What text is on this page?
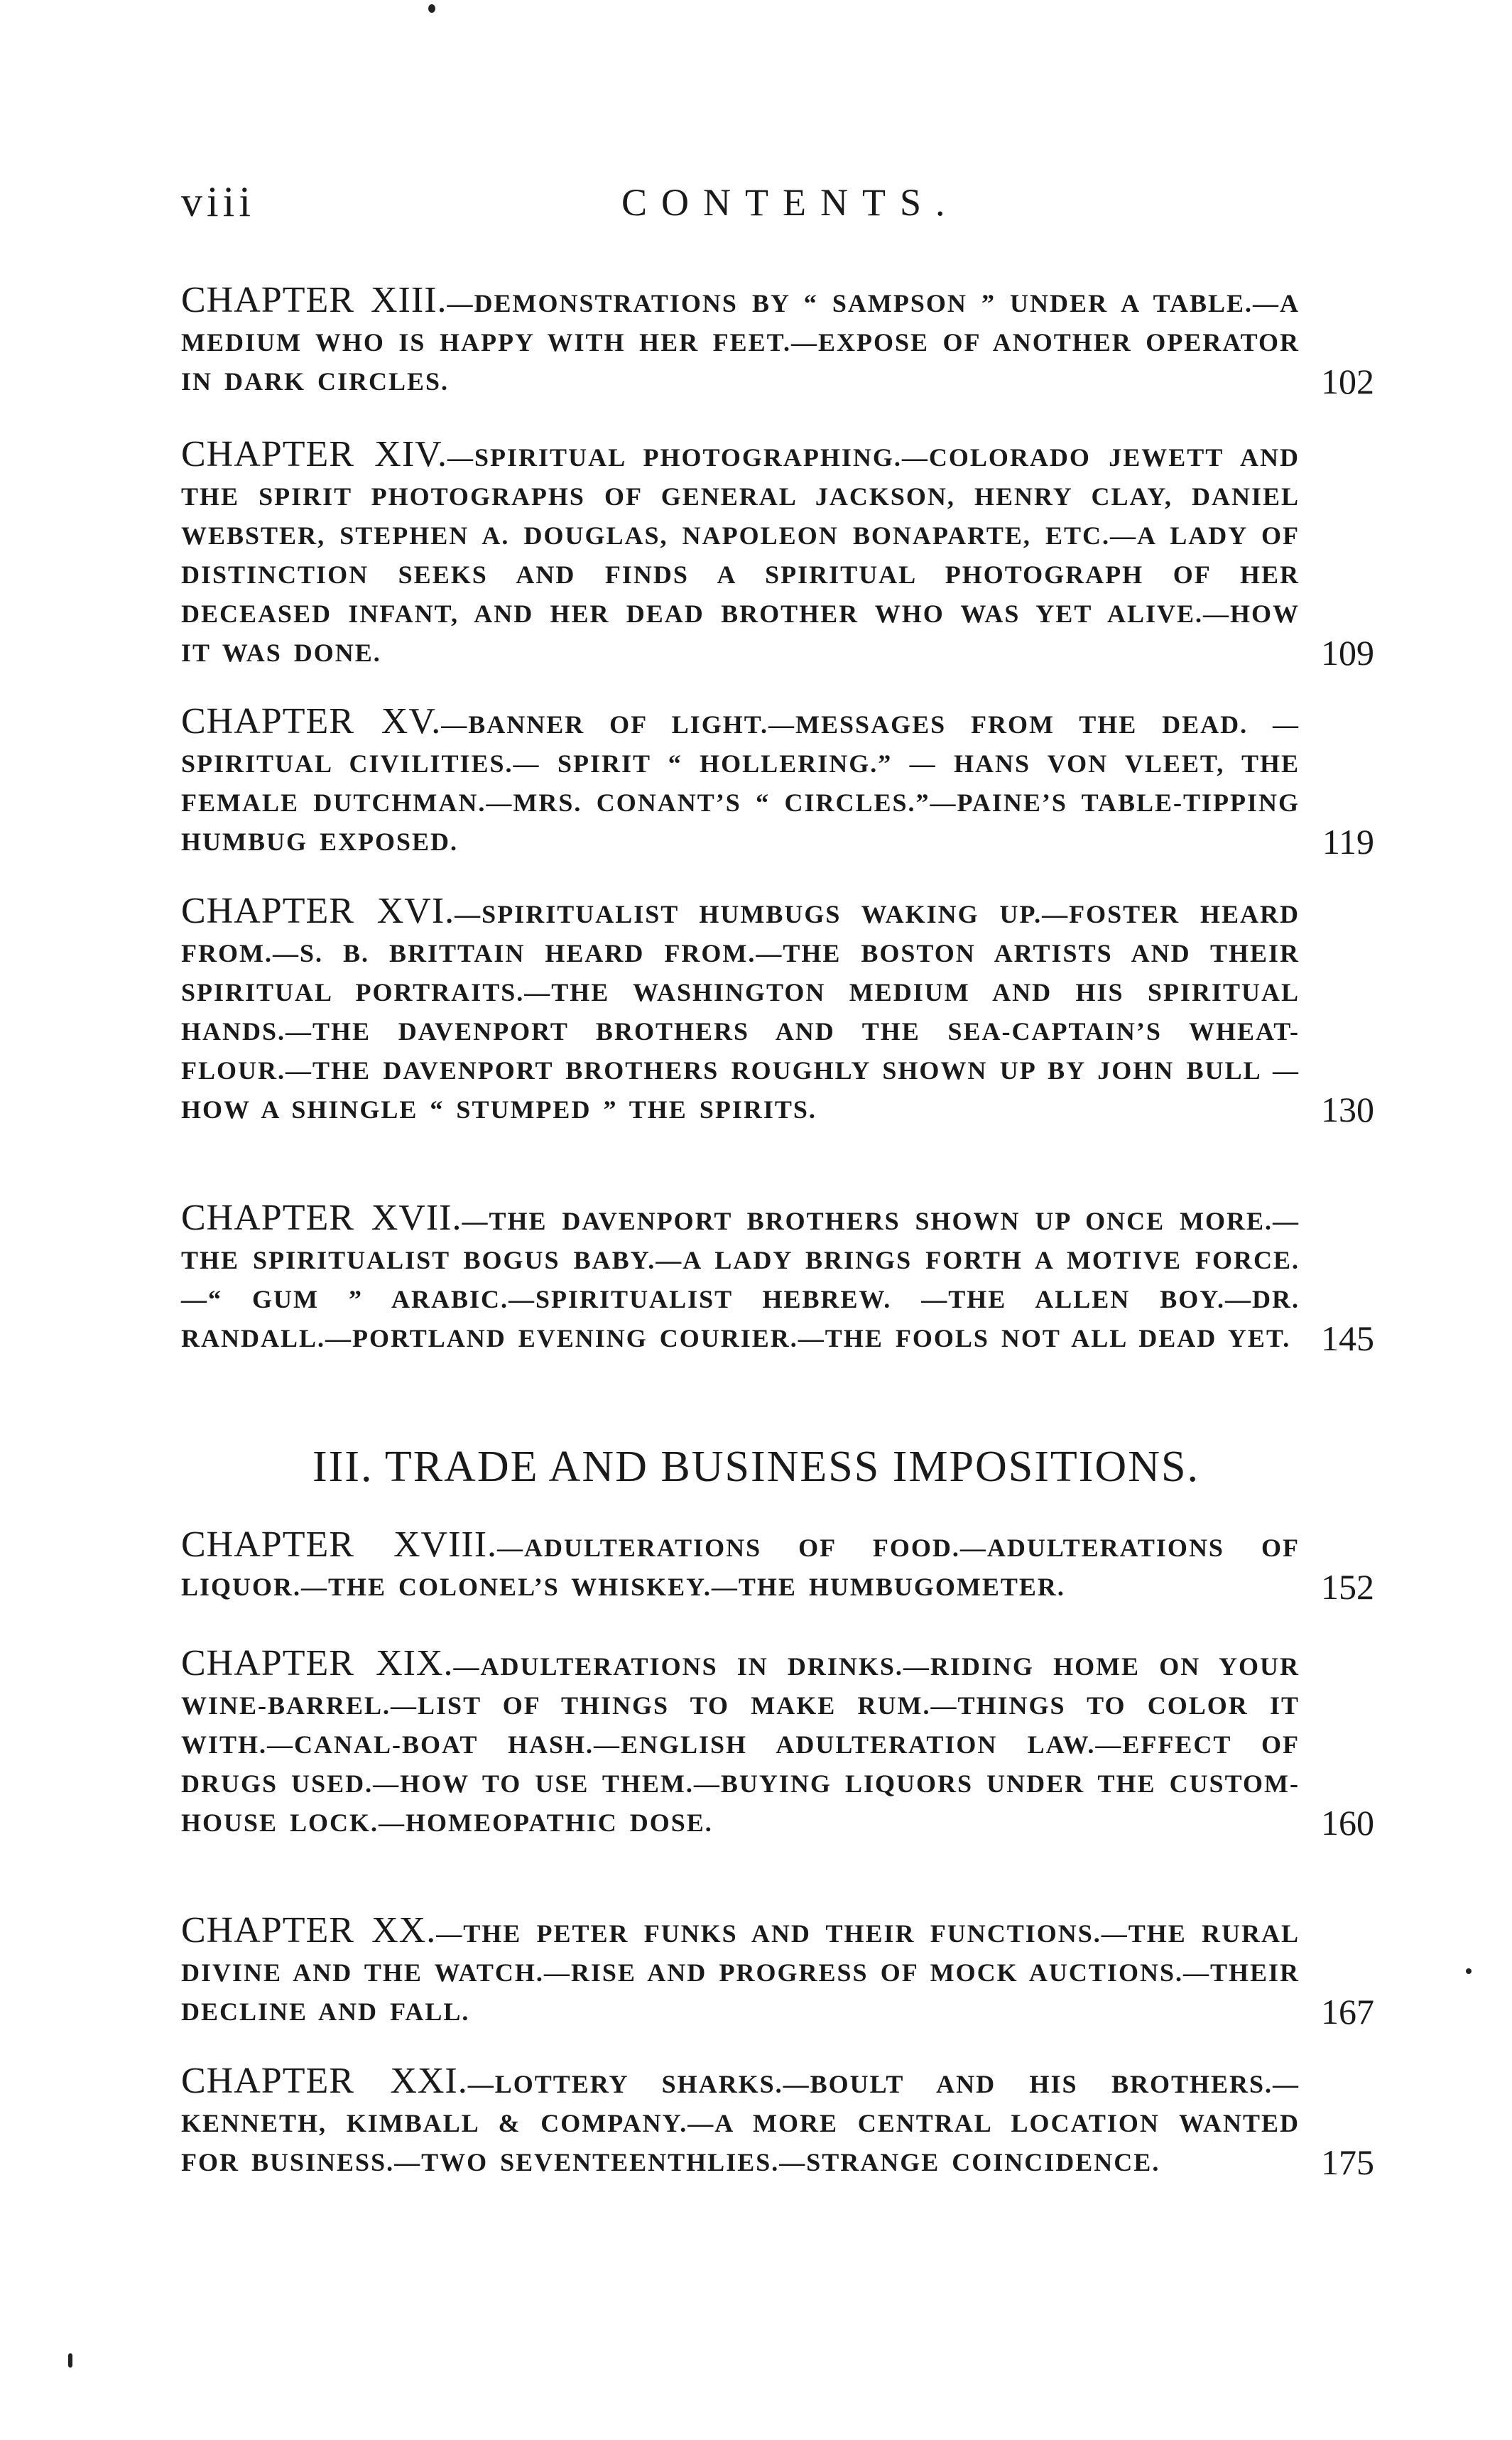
viii	CONTENTS.
CHAPTER XIII.—DEMONSTRATIONS BY “ SAMPSON ” UNDER A TABLE.—A MEDIUM WHO IS HAPPY WITH HER FEET.—EXPOSE OF ANOTHER OPERATOR IN DARK CIRCLES.	102
CHAPTER XIV.—SPIRITUAL PHOTOGRAPHING.—COLORADO JEWETT AND THE SPIRIT PHOTOGRAPHS OF GENERAL JACKSON, HENRY CLAY, DANIEL WEBSTER, STEPHEN A. DOUGLAS, NAPOLEON BONAPARTE, ETC.—A LADY OF DISTINCTION SEEKS AND FINDS A SPIRITUAL PHOTOGRAPH OF HER DECEASED INFANT, AND HER DEAD BROTHER WHO WAS YET ALIVE.—HOW IT WAS DONE.	109
CHAPTER XV.—BANNER OF LIGHT.—MESSAGES FROM THE DEAD. —SPIRITUAL CIVILITIES.— SPIRIT “ HOLLERING.” — HANS VON VLEET, THE FEMALE DUTCHMAN.—MRS. CONANT’S “ CIRCLES.”—PAINE’S TABLE-TIPPING HUMBUG EXPOSED.	119
CHAPTER XVI.—SPIRITUALIST HUMBUGS WAKING UP.—FOSTER HEARD FROM.—S. B. BRITTAIN HEARD FROM.—THE BOSTON ARTISTS AND THEIR SPIRITUAL PORTRAITS.—THE WASHINGTON MEDIUM AND HIS SPIRITUAL HANDS.—THE DAVENPORT BROTHERS AND THE SEA-CAPTAIN’S WHEAT-FLOUR.—THE DAVENPORT BROTHERS ROUGHLY SHOWN UP BY JOHN BULL —HOW A SHINGLE “ STUMPED ” THE SPIRITS.	130
CHAPTER XVII.—THE DAVENPORT BROTHERS SHOWN UP ONCE MORE.—THE SPIRITUALIST BOGUS BABY.—A LADY BRINGS FORTH A MOTIVE FORCE.—“ GUM ” ARABIC.—SPIRITUALIST HEBREW. —THE ALLEN BOY.—DR. RANDALL.—PORTLAND EVENING COURIER.—THE FOOLS NOT ALL DEAD YET. 145
III. TRADE AND BUSINESS IMPOSITIONS.
CHAPTER XVIII.—ADULTERATIONS OF FOOD.—ADULTERATIONS OF LIQUOR.—THE COLONEL’S WHISKEY.—THE HUMBUGOMETER.	152
CHAPTER XIX.—ADULTERATIONS IN DRINKS.—RIDING HOME ON YOUR WINE-BARREL.—LIST OF THINGS TO MAKE RUM.—THINGS TO COLOR IT WITH.—CANAL-BOAT HASH.—ENGLISH ADULTERATION LAW.—EFFECT OF DRUGS USED.—HOW TO USE THEM.—BUYING LIQUORS UNDER THE CUSTOM-HOUSE LOCK.—HOMEOPATHIC DOSE.	160
CHAPTER XX.—THE PETER FUNKS AND THEIR FUNCTIONS.—THE RURAL DIVINE AND THE WATCH.—RISE AND PROGRESS OF MOCK AUCTIONS.—THEIR DECLINE AND FALL.	167
CHAPTER XXI.—LOTTERY SHARKS.—BOULT AND HIS BROTHERS.—KENNETH, KIMBALL & COMPANY.—A MORE CENTRAL LOCATION WANTED FOR BUSINESS.—TWO SEVENTEENTHLIES.—STRANGE COINCIDENCE.	175
